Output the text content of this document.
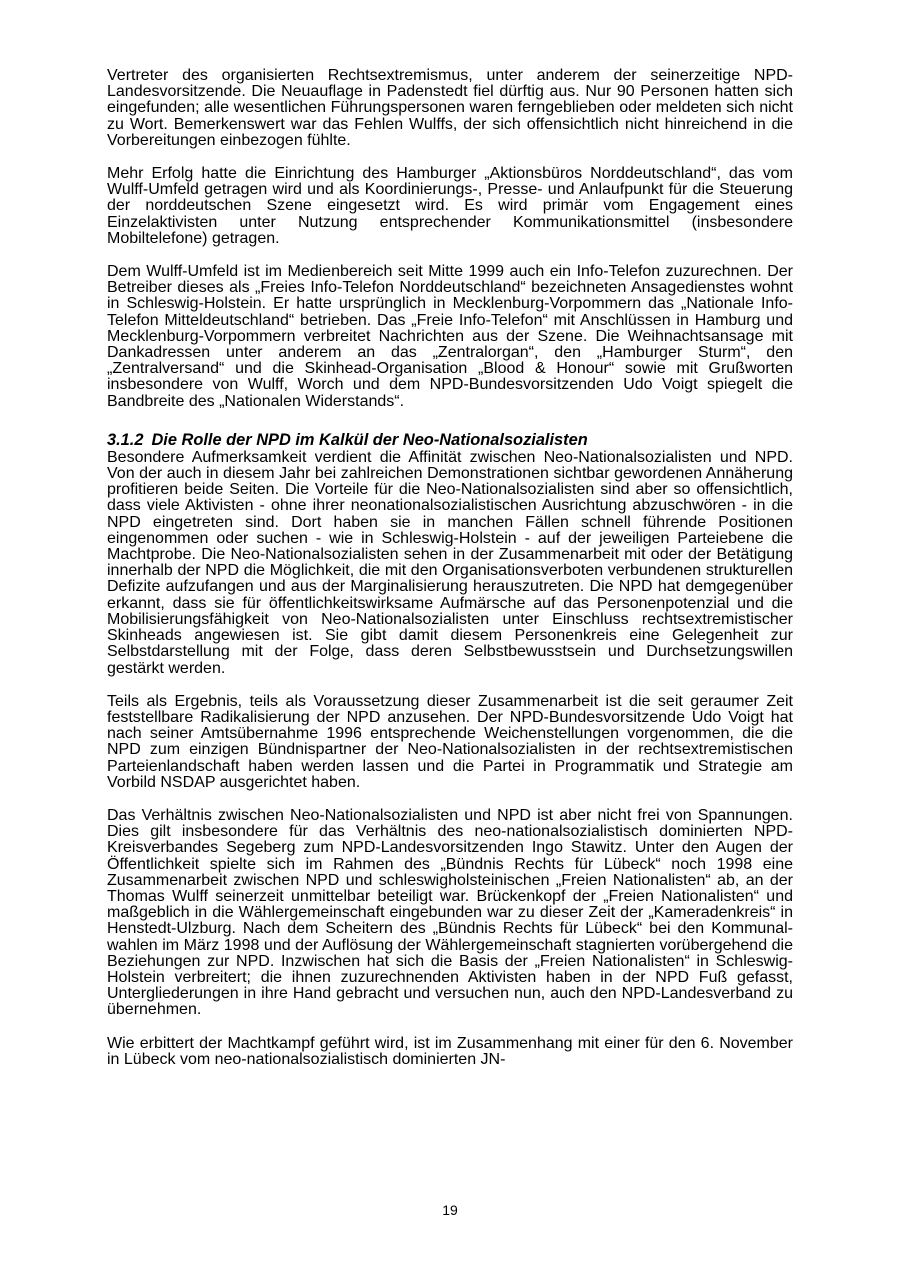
Vertreter des organisierten Rechtsextremismus, unter anderem der seinerzeitige NPD-Landesvorsitzende. Die Neuauflage in Padenstedt fiel dürftig aus. Nur 90 Personen hatten sich eingefunden; alle wesentlichen Führungspersonen waren ferngeblieben oder meldeten sich nicht zu Wort. Bemerkenswert war das Fehlen Wulffs, der sich offensichtlich nicht hinreichend in die Vorbereitungen einbezogen fühlte.

Mehr Erfolg hatte die Einrichtung des Hamburger „Aktionsbüros Norddeutschland“, das vom Wulff-Umfeld getragen wird und als Koordinierungs-, Presse- und Anlaufpunkt für die Steuerung der norddeutschen Szene eingesetzt wird. Es wird primär vom Engagement eines Einzelaktivisten unter Nutzung entsprechender Kommunikationsmittel (insbesondere Mobiltelefone) getragen.

Dem Wulff-Umfeld ist im Medienbereich seit Mitte 1999 auch ein Info-Telefon zuzurechnen. Der Betreiber dieses als „Freies Info-Telefon Norddeutschland“ bezeichneten Ansagedienstes wohnt in Schleswig-Holstein. Er hatte ursprünglich in Mecklenburg-Vorpommern das „Nationale Info-Telefon Mitteldeutschland“ betrieben. Das „Freie Info-Telefon“ mit Anschlüssen in Hamburg und Mecklenburg-Vorpommern verbreitet Nachrichten aus der Szene. Die Weihnachtsansage mit Dankadressen unter anderem an das „Zentralorgan“, den „Hamburger Sturm“, den „Zentralversand“ und die Skinhead-Organisation „Blood & Honour“ sowie mit Grußworten insbesondere von Wulff, Worch und dem NPD-Bundesvorsitzenden Udo Voigt spiegelt die Bandbreite des „Nationalen Widerstands“.

3.1.2 Die Rolle der NPD im Kalkül der Neo-Nationalsozialisten

Besondere Aufmerksamkeit verdient die Affinität zwischen Neo-Nationalsozialisten und NPD. Von der auch in diesem Jahr bei zahlreichen Demonstrationen sichtbar gewordenen Annäherung profitieren beide Seiten. Die Vorteile für die Neo-Nationalsozialisten sind aber so offensichtlich, dass viele Aktivisten - ohne ihrer neonationalsozialistischen Ausrichtung abzuschwören - in die NPD eingetreten sind. Dort haben sie in manchen Fällen schnell führende Positionen eingenommen oder suchen - wie in Schleswig-Holstein - auf der jeweiligen Parteiebene die Machtprobe. Die Neo-Nationalsozialisten sehen in der Zusammenarbeit mit oder der Betätigung innerhalb der NPD die Möglichkeit, die mit den Organisationsverboten verbundenen strukturellen Defizite aufzufangen und aus der Marginalisierung herauszutreten. Die NPD hat demgegenüber erkannt, dass sie für öffentlichkeitswirksame Aufmärsche auf das Personenpotenzial und die Mobilisierungsfähigkeit von Neo-Nationalsozialisten unter Einschluss rechtsextremistischer Skinheads angewiesen ist. Sie gibt damit diesem Personenkreis eine Gelegenheit zur Selbstdarstellung mit der Folge, dass deren Selbstbewusstsein und Durchsetzungswillen gestärkt werden.

Teils als Ergebnis, teils als Voraussetzung dieser Zusammenarbeit ist die seit geraumer Zeit feststellbare Radikalisierung der NPD anzusehen. Der NPD-Bundesvorsitzende Udo Voigt hat nach seiner Amtsübernahme 1996 entsprechende Weichenstellungen vorgenommen, die die NPD zum einzigen Bündnispartner der Neo-Nationalsozialisten in der rechtsextremistischen Parteienlandschaft haben werden lassen und die Partei in Programmatik und Strategie am Vorbild NSDAP ausgerichtet haben.

Das Verhältnis zwischen Neo-Nationalsozialisten und NPD ist aber nicht frei von Spannungen. Dies gilt insbesondere für das Verhältnis des neo-nationalsozialistisch dominierten NPD-Kreisverbandes Segeberg zum NPD-Landesvorsitzenden Ingo Stawitz. Unter den Augen der Öffentlichkeit spielte sich im Rahmen des „Bündnis Rechts für Lübeck“ noch 1998 eine Zusammenarbeit zwischen NPD und schleswigholsteinischen „Freien Nationalisten“ ab, an der Thomas Wulff seinerzeit unmittelbar beteiligt war. Brückenkopf der „Freien Nationalisten“ und maßgeblich in die Wählergemeinschaft eingebunden war zu dieser Zeit der „Kameradenkreis“ in Henstedt-Ulzburg. Nach dem Scheitern des „Bündnis Rechts für Lübeck“ bei den Kommunalwahlen im März 1998 und der Auflösung der Wählergemeinschaft stagnierten vorübergehend die Beziehungen zur NPD. Inzwischen hat sich die Basis der „Freien Nationalisten“ in Schleswig-Holstein verbreitert; die ihnen zuzurechnenden Aktivisten haben in der NPD Fuß gefasst, Untergliederungen in ihre Hand gebracht und versuchen nun, auch den NPD-Landesverband zu übernehmen.

Wie erbittert der Machtkampf geführt wird, ist im Zusammenhang mit einer für den 6. November in Lübeck vom neo-nationalsozialistisch dominierten JN-

19
